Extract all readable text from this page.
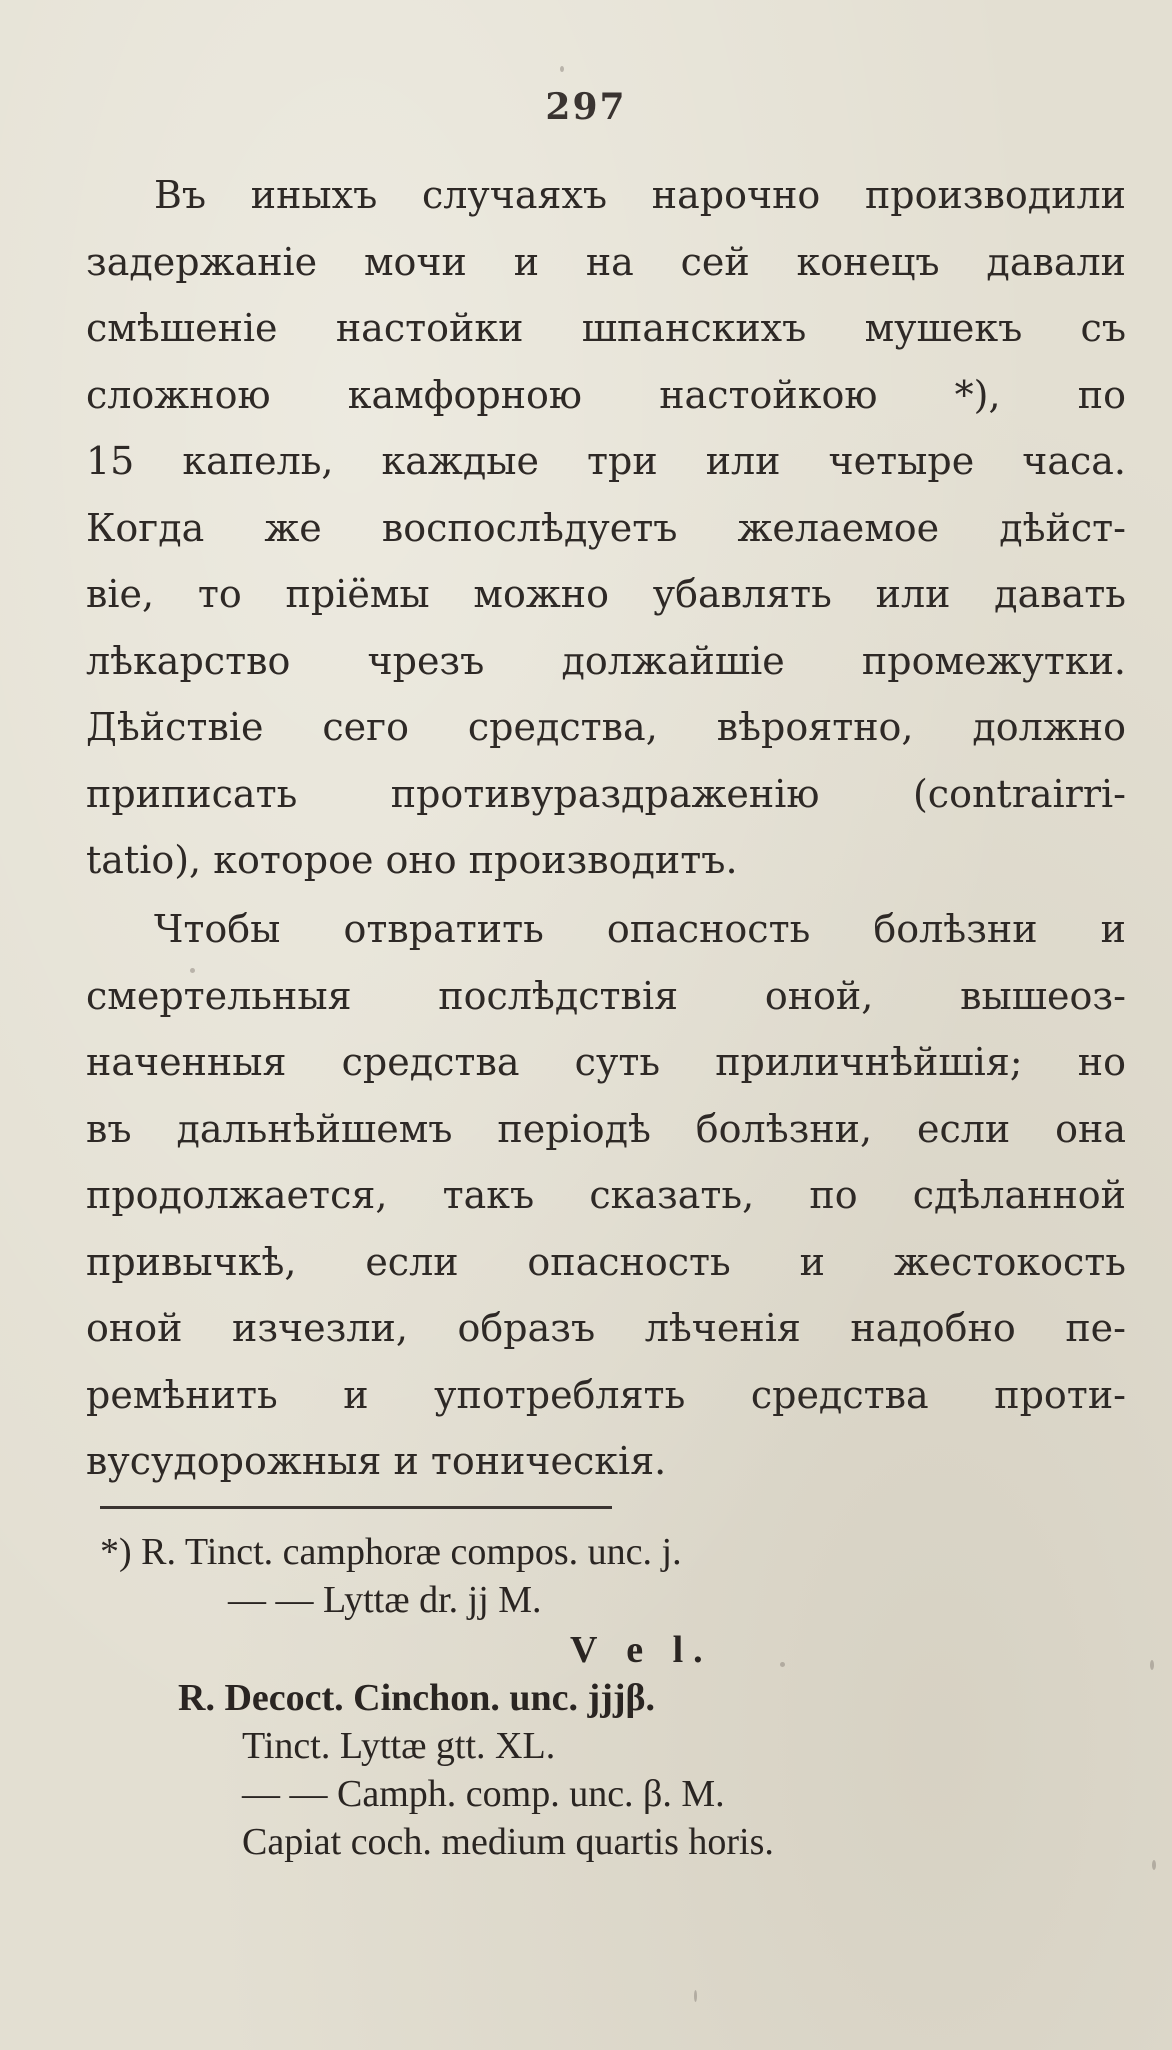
297
Въ иныхъ случаяхъ нарочно производили
задержаніе мочи и на сей конецъ давали
смѣшеніе настойки шпанскихъ мушекъ съ
сложною камфорною настойкою *), по
15 капель, каждые три или четыре часа.
Когда же воспослѣдуетъ желаемое дѣйст-
віе, то пріёмы можно убавлять или давать
лѣкарство чрезъ должайшіе промежутки.
Дѣйствіе сего средства, вѣроятно, должно
приписать противураздраженію (contrairri-
tatio), которое оно производитъ.
Чтобы отвратить опасность болѣзни и
смертельныя послѣдствія оной, вышеоз-
наченныя средства суть приличнѣйшія; но
въ дальнѣйшемъ періодѣ болѣзни, если она
продолжается, такъ сказать, по сдѣланной
привычкѣ, если опасность и жестокость
оной изчезли, образъ лѣченія надобно пе-
ремѣнить и употреблять средства проти-
вусудорожныя и тоническія.
*) R. Tinct. camphoræ compos. unc. j.
— — Lyttæ dr. jj M.
V e l.
R. Decoct. Cinchon. unc. jjjβ.
Tinct. Lyttæ gtt. XL.
— — Camph. comp. unc. β. M.
Capiat coch. medium quartis horis.
